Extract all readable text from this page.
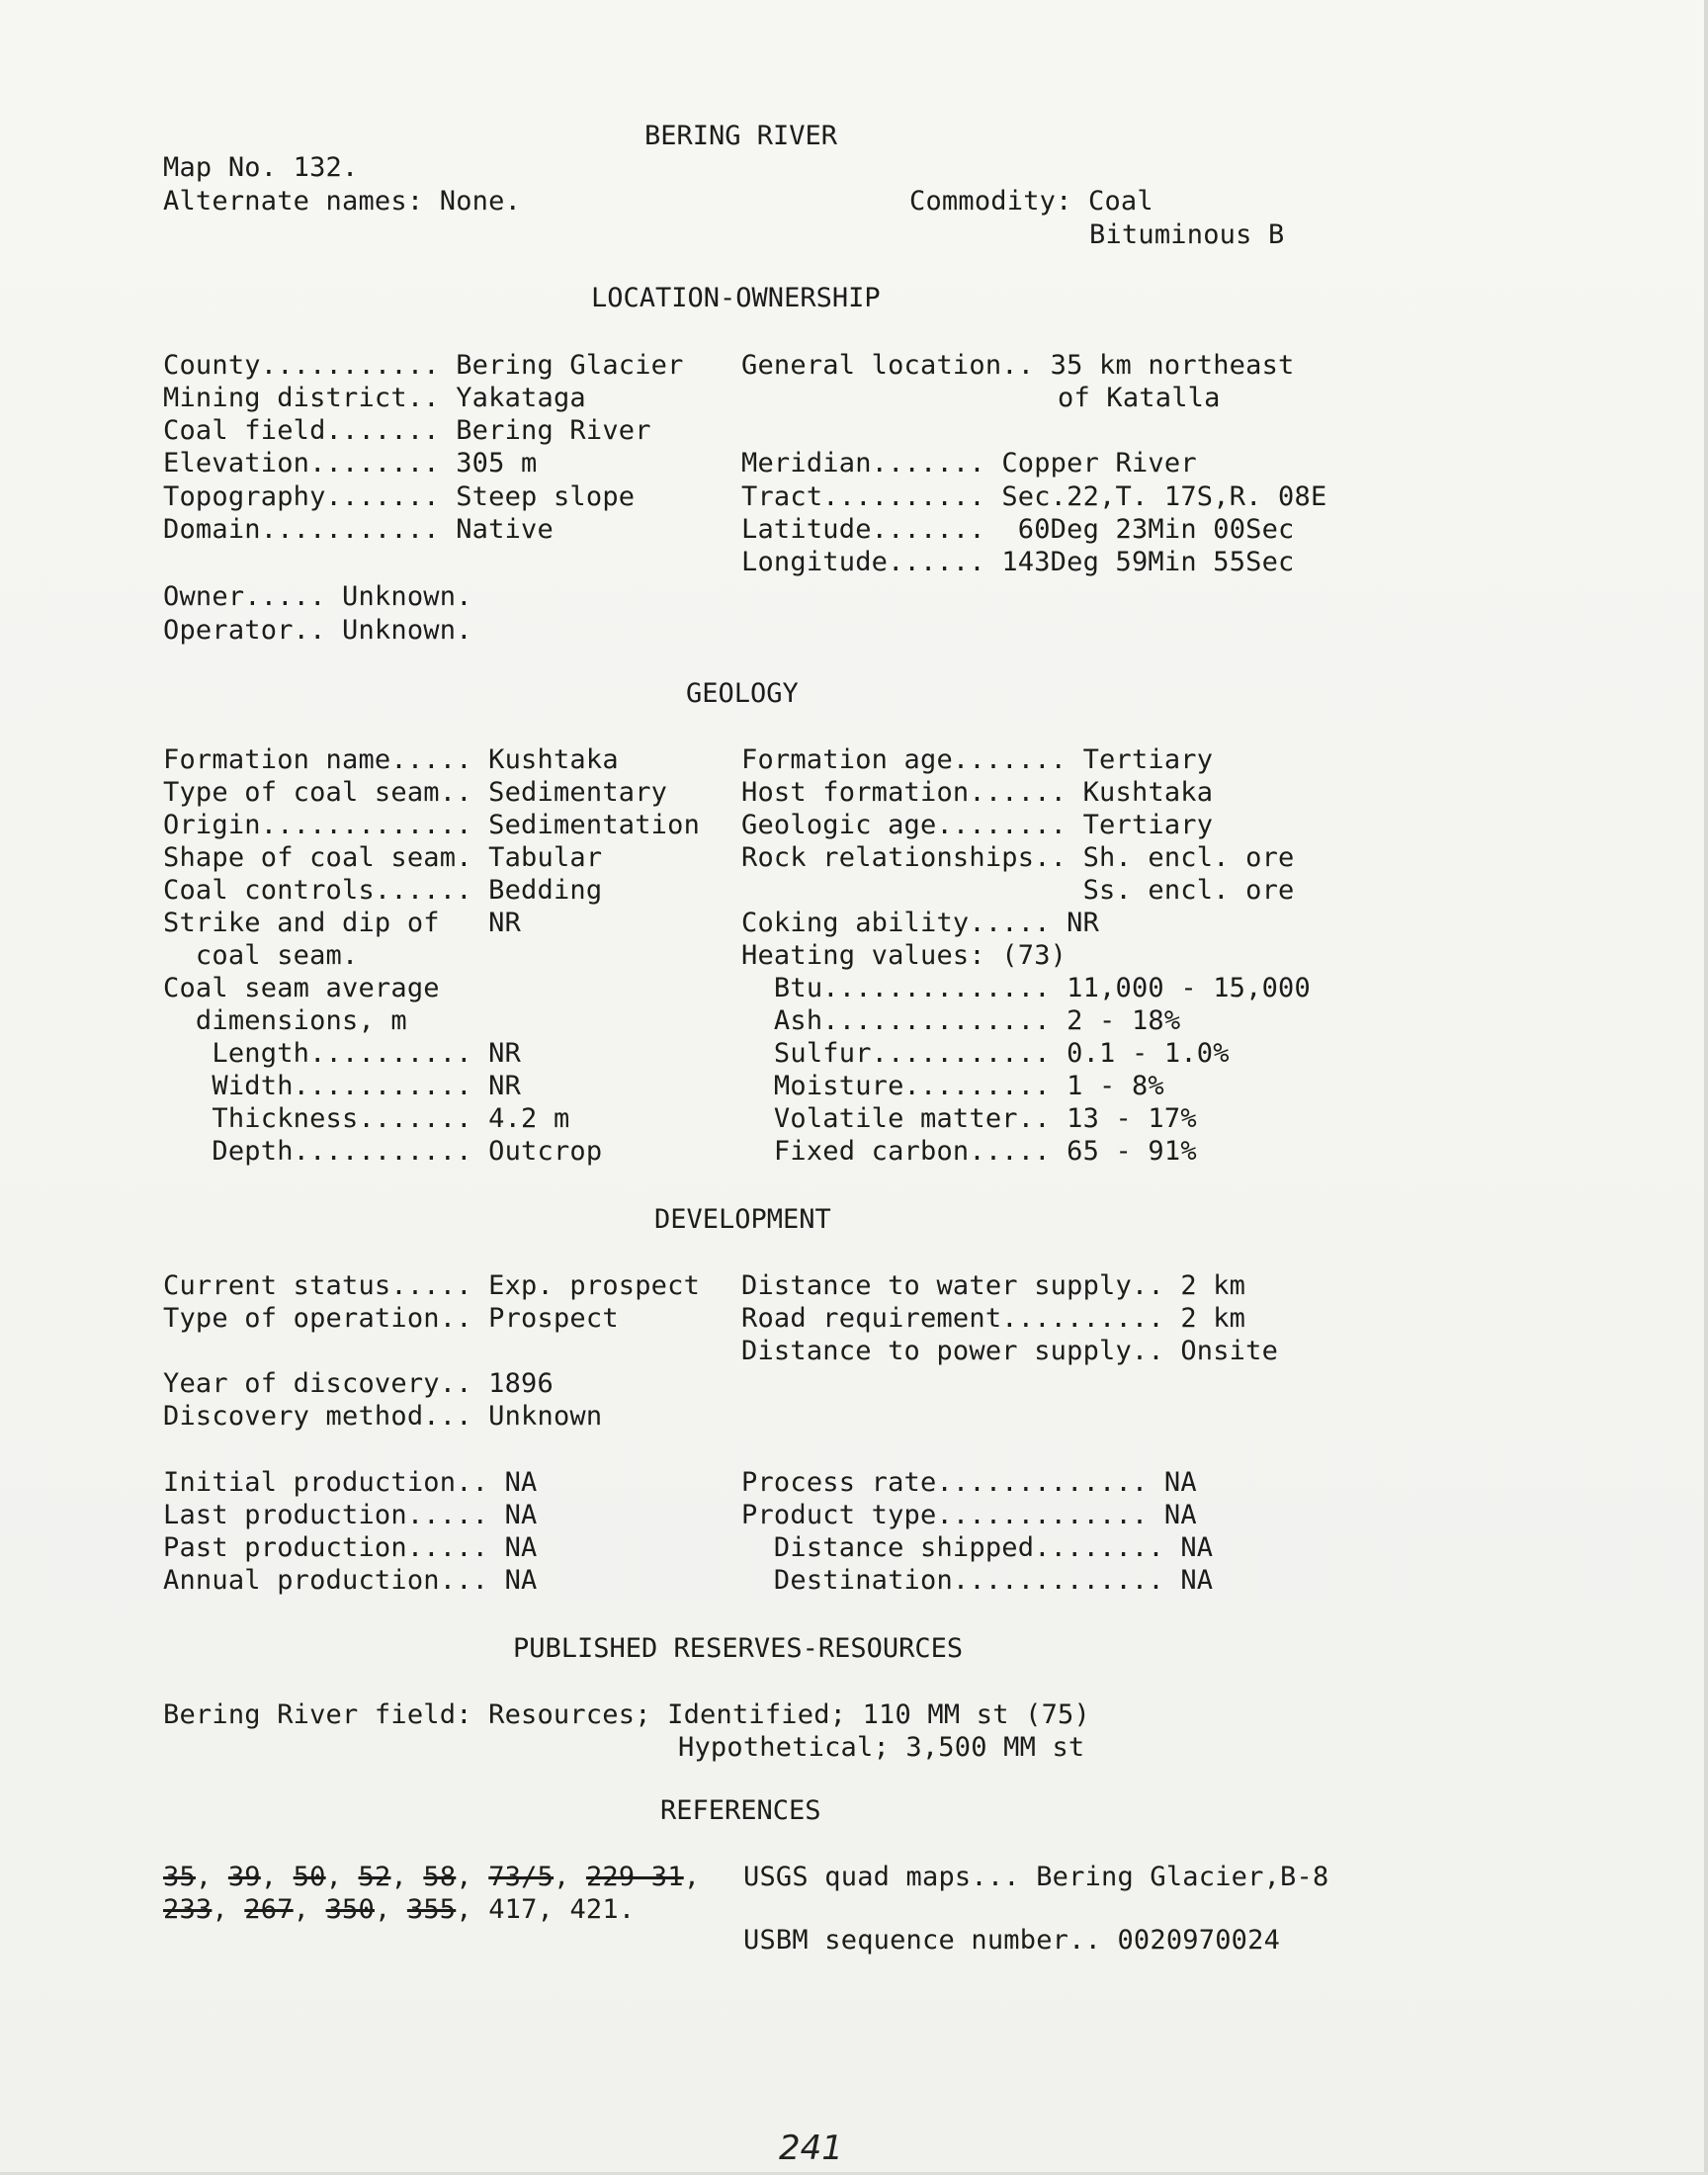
BERING RIVER
Map No. 132.
Alternate names: None.	Commodity: Coal
Bituminous B
LOCATION-OWNERSHIP
County........... Bering Glacier
Mining district.. Yakataga
Coal field....... Bering River
Elevation........ 305 m
Topography....... Steep slope
Domain........... Native
General location.. 35 km northeast
of Katalla
Meridian....... Copper River
Tract.......... Sec.22,T. 17S,R. 08E
Latitude.......  60Deg 23Min 00Sec
Longitude...... 143Deg 59Min 55Sec
Owner..... Unknown.
Operator.. Unknown.
GEOLOGY
Formation name..... Kushtaka
Type of coal seam.. Sedimentary
Origin............. Sedimentation
Shape of coal seam. Tabular
Coal controls...... Bedding
Strike and dip of   NR
coal seam.
Coal seam average
dimensions, m
Length.......... NR
Width........... NR
Thickness....... 4.2 m
Depth........... Outcrop
Formation age....... Tertiary
Host formation...... Kushtaka
Geologic age........ Tertiary
Rock relationships.. Sh. encl. ore
Ss. encl. ore
Coking ability..... NR
Heating values: (73)
Btu.............. 11,000 - 15,000
Ash.............. 2 - 18%
Sulfur........... 0.1 - 1.0%
Moisture......... 1 - 8%
Volatile matter.. 13 - 17%
Fixed carbon..... 65 - 91%
DEVELOPMENT
Current status..... Exp. prospect
Type of operation.. Prospect
Distance to water supply.. 2 km
Road requirement.......... 2 km
Distance to power supply.. Onsite
Year of discovery.. 1896
Discovery method... Unknown
Initial production.. NA
Last production..... NA
Past production..... NA
Annual production... NA
Process rate............. NA
Product type............. NA
Distance shipped........ NA
Destination............. NA
PUBLISHED RESERVES-RESOURCES
Bering River field: Resources; Identified; 110 MM st (75)
Hypothetical; 3,500 MM st
REFERENCES
35, 39, 50, 52, 58, 73/5, 229-31,
233, 267, 350, 355, 417, 421.
USGS quad maps... Bering Glacier,B-8
USBM sequence number.. 0020970024
241
